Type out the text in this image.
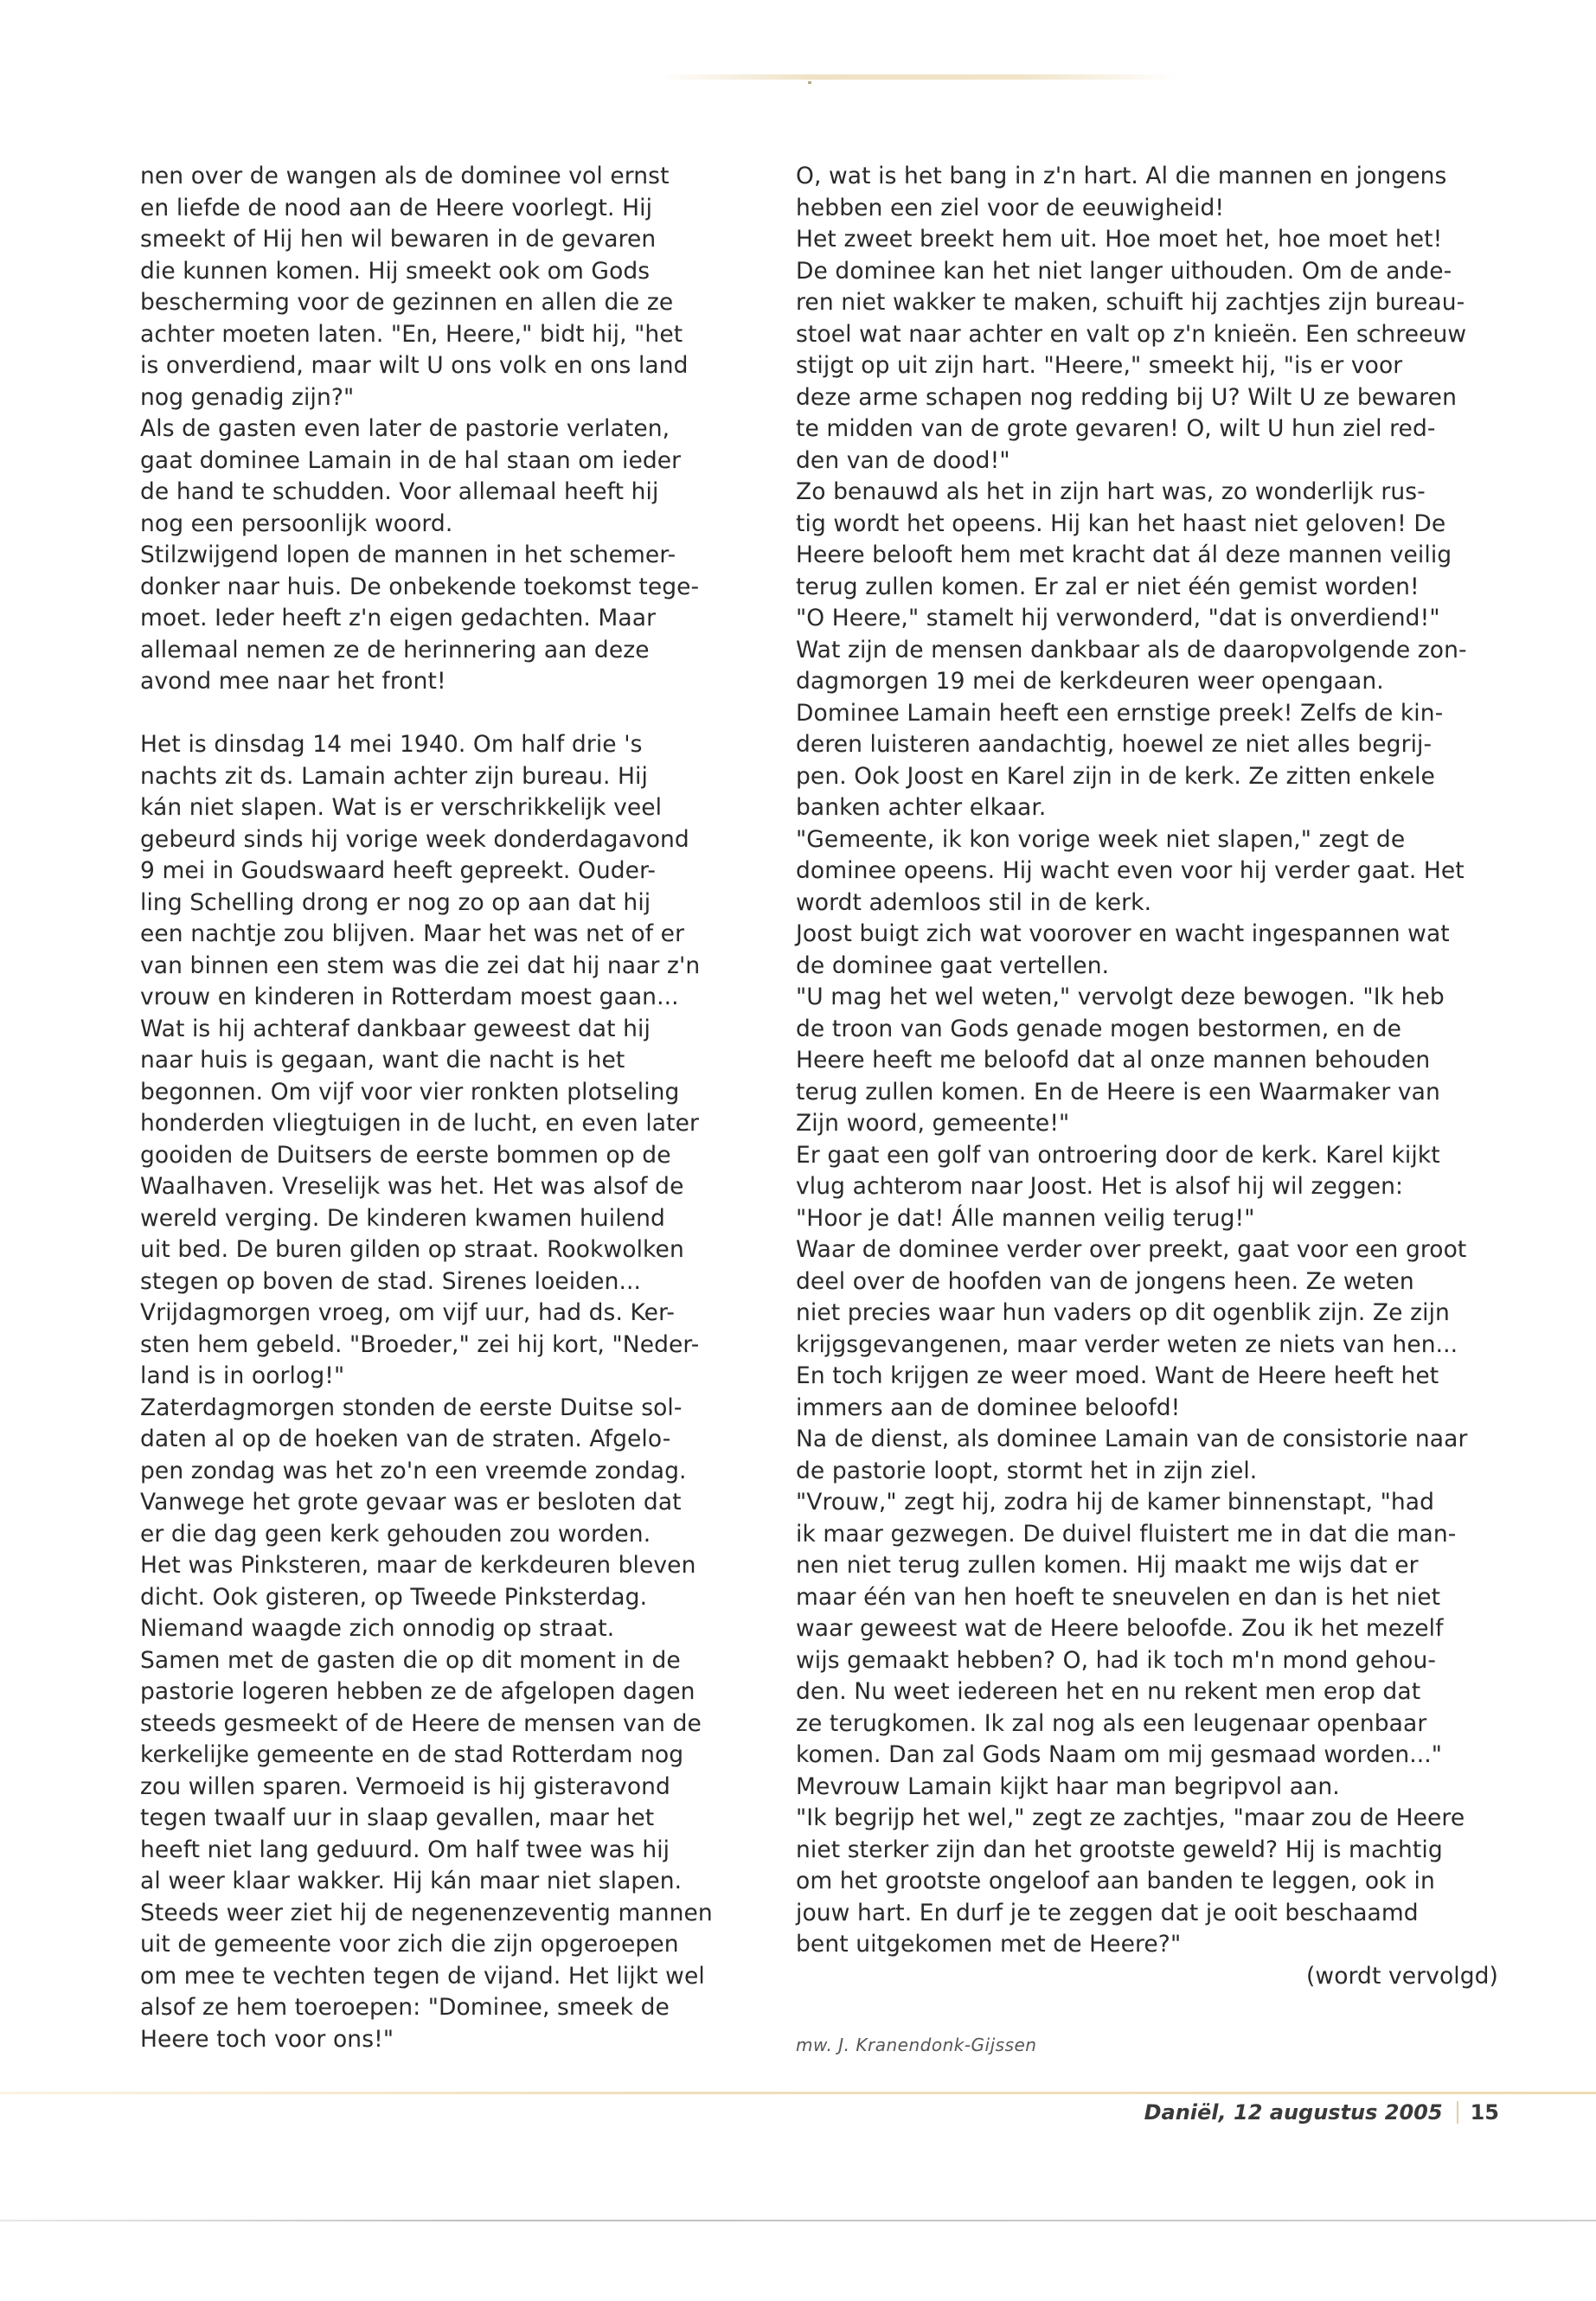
nen over de wangen als de dominee vol ernst
en liefde de nood aan de Heere voorlegt. Hij
smeekt of Hij hen wil bewaren in de gevaren
die kunnen komen. Hij smeekt ook om Gods
bescherming voor de gezinnen en allen die ze
achter moeten laten. "En, Heere," bidt hij, "het
is onverdiend, maar wilt U ons volk en ons land
nog genadig zijn?"

Als de gasten even later de pastorie verlaten,
gaat dominee Lamain in de hal staan om ieder
de hand te schudden. Voor allemaal heeft hij
nog een persoonlijk woord.

Stilzwijgend lopen de mannen in het schemer-
donker naar huis. De onbekende toekomst tege-
moet. Ieder heeft z'n eigen gedachten. Maar
allemaal nemen ze de herinnering aan deze
avond mee naar het front!

Het is dinsdag 14 mei 1940. Om half drie 's
nachts zit ds. Lamain achter zijn bureau. Hij
kán niet slapen. Wat is er verschrikkelijk veel
gebeurd sinds hij vorige week donderdagavond
9 mei in Goudswaard heeft gepreekt. Ouder-
ling Schelling drong er nog zo op aan dat hij
een nachtje zou blijven. Maar het was net of er
van binnen een stem was die zei dat hij naar z'n
vrouw en kinderen in Rotterdam moest gaan...
Wat is hij achteraf dankbaar geweest dat hij
naar huis is gegaan, want die nacht is het
begonnen. Om vijf voor vier ronkten plotseling
honderden vliegtuigen in de lucht, en even later
gooiden de Duitsers de eerste bommen op de
Waalhaven. Vreselijk was het. Het was alsof de
wereld verging. De kinderen kwamen huilend
uit bed. De buren gilden op straat. Rookwolken
stegen op boven de stad. Sirenes loeiden...

Vrijdagmorgen vroeg, om vijf uur, had ds. Ker-
sten hem gebeld. "Broeder," zei hij kort, "Neder-
land is in oorlog!"

Zaterdagmorgen stonden de eerste Duitse sol-
daten al op de hoeken van de straten. Afgelo-
pen zondag was het zo'n een vreemde zondag.
Vanwege het grote gevaar was er besloten dat
er die dag geen kerk gehouden zou worden.
Het was Pinksteren, maar de kerkdeuren bleven
dicht. Ook gisteren, op Tweede Pinksterdag.
Niemand waagde zich onnodig op straat.

Samen met de gasten die op dit moment in de
pastorie logeren hebben ze de afgelopen dagen
steeds gesmeekt of de Heere de mensen van de
kerkelijke gemeente en de stad Rotterdam nog
zou willen sparen. Vermoeid is hij gisteravond
tegen twaalf uur in slaap gevallen, maar het
heeft niet lang geduurd. Om half twee was hij
al weer klaar wakker. Hij kán maar niet slapen.
Steeds weer ziet hij de negenenzeventig mannen
uit de gemeente voor zich die zijn opgeroepen
om mee te vechten tegen de vijand. Het lijkt wel
alsof ze hem toeroepen: "Dominee, smeek de
Heere toch voor ons!"

O, wat is het bang in z'n hart. Al die mannen en jongens
hebben een ziel voor de eeuwigheid!

Het zweet breekt hem uit. Hoe moet het, hoe moet het!
De dominee kan het niet langer uithouden. Om de ande-
ren niet wakker te maken, schuift hij zachtjes zijn bureau-
stoel wat naar achter en valt op z'n knieën. Een schreeuw
stijgt op uit zijn hart. "Heere," smeekt hij, "is er voor
deze arme schapen nog redding bij U? Wilt U ze bewaren
te midden van de grote gevaren! O, wilt U hun ziel red-
den van de dood!"

Zo benauwd als het in zijn hart was, zo wonderlijk rus-
tig wordt het opeens. Hij kan het haast niet geloven! De
Heere belooft hem met kracht dat ál deze mannen veilig
terug zullen komen. Er zal er niet één gemist worden!
"O Heere," stamelt hij verwonderd, "dat is onverdiend!"

Wat zijn de mensen dankbaar als de daaropvolgende zon-
dagmorgen 19 mei de kerkdeuren weer opengaan.
Dominee Lamain heeft een ernstige preek! Zelfs de kin-
deren luisteren aandachtig, hoewel ze niet alles begrij-
pen. Ook Joost en Karel zijn in de kerk. Ze zitten enkele
banken achter elkaar.

"Gemeente, ik kon vorige week niet slapen," zegt de
dominee opeens. Hij wacht even voor hij verder gaat. Het
wordt ademloos stil in de kerk.

Joost buigt zich wat voorover en wacht ingespannen wat
de dominee gaat vertellen.

"U mag het wel weten," vervolgt deze bewogen. "Ik heb
de troon van Gods genade mogen bestormen, en de
Heere heeft me beloofd dat al onze mannen behouden
terug zullen komen. En de Heere is een Waarmaker van
Zijn woord, gemeente!"

Er gaat een golf van ontroering door de kerk. Karel kijkt
vlug achterom naar Joost. Het is alsof hij wil zeggen:
"Hoor je dat! Álle mannen veilig terug!"

Waar de dominee verder over preekt, gaat voor een groot
deel over de hoofden van de jongens heen. Ze weten
niet precies waar hun vaders op dit ogenblik zijn. Ze zijn
krijgsgevangenen, maar verder weten ze niets van hen...
En toch krijgen ze weer moed. Want de Heere heeft het
immers aan de dominee beloofd!

Na de dienst, als dominee Lamain van de consistorie naar
de pastorie loopt, stormt het in zijn ziel.

"Vrouw," zegt hij, zodra hij de kamer binnenstapt, "had
ik maar gezwegen. De duivel fluistert me in dat die man-
nen niet terug zullen komen. Hij maakt me wijs dat er
maar één van hen hoeft te sneuvelen en dan is het niet
waar geweest wat de Heere beloofde. Zou ik het mezelf
wijs gemaakt hebben? O, had ik toch m'n mond gehou-
den. Nu weet iedereen het en nu rekent men erop dat
ze terugkomen. Ik zal nog als een leugenaar openbaar
komen. Dan zal Gods Naam om mij gesmaad worden..."

Mevrouw Lamain kijkt haar man begripvol aan.

"Ik begrijp het wel," zegt ze zachtjes, "maar zou de Heere
niet sterker zijn dan het grootste geweld? Hij is machtig
om het grootste ongeloof aan banden te leggen, ook in
jouw hart. En durf je te zeggen dat je ooit beschaamd
bent uitgekomen met de Heere?"

(wordt vervolgd)

mw. J. Kranendonk-Gijssen
Daniël, 12 augustus 2005 15
